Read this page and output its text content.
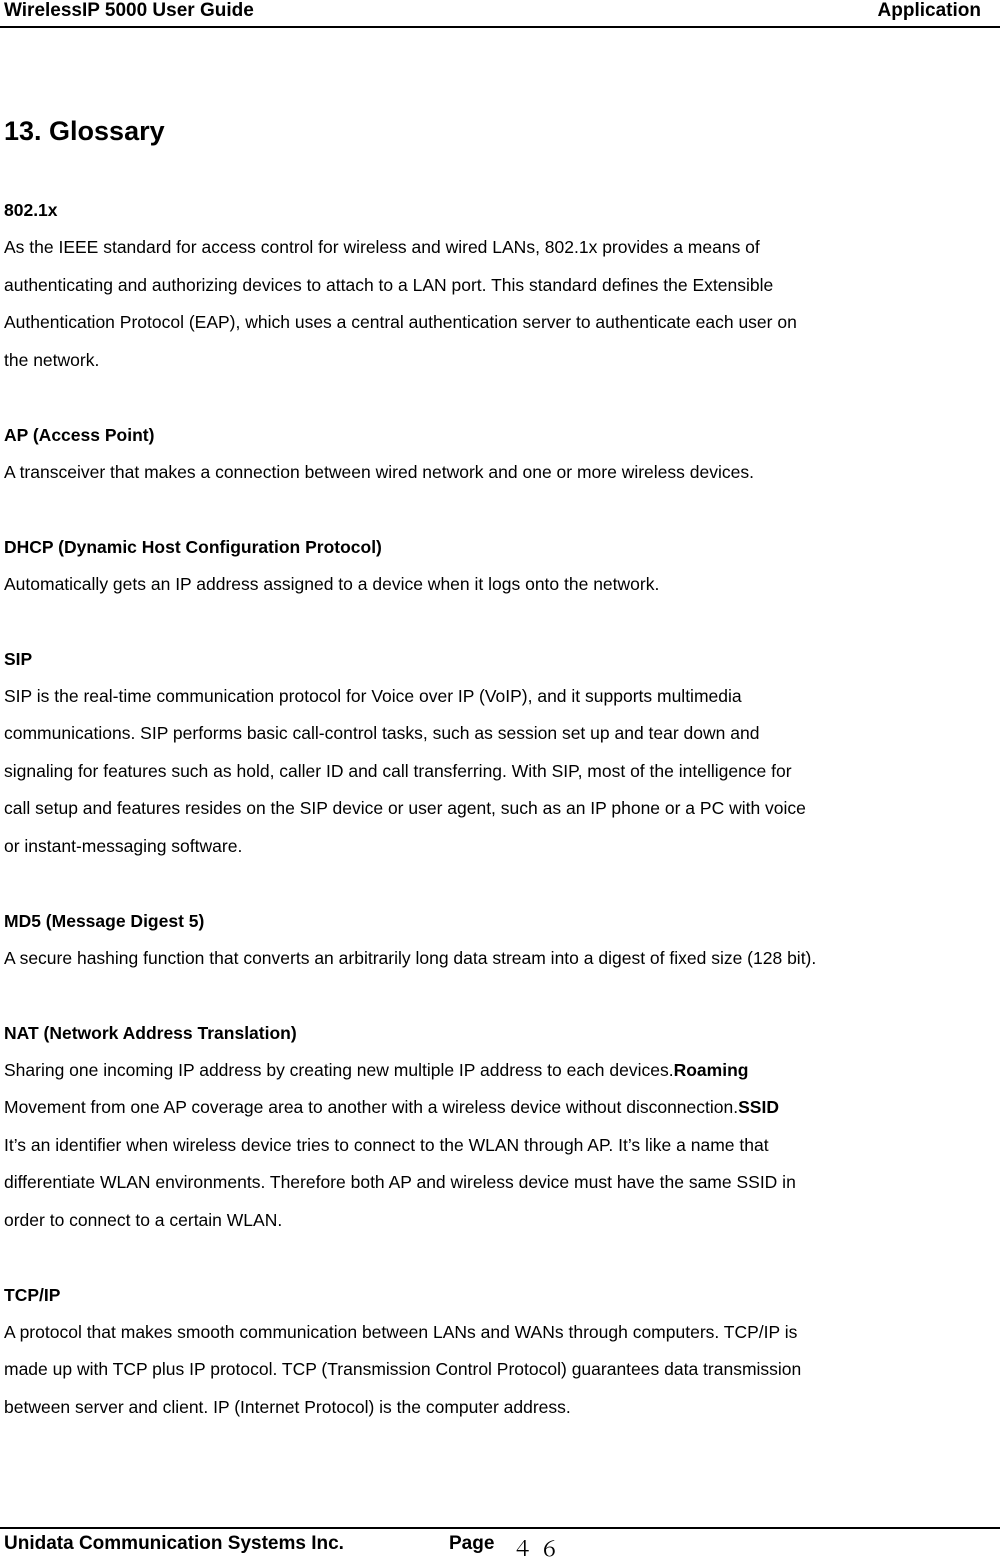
WirelessIP 5000 User Guide	Application
13. Glossary
802.1x
As the IEEE standard for access control for wireless and wired LANs, 802.1x provides a means of
authenticating and authorizing devices to attach to a LAN port. This standard defines the Extensible
Authentication Protocol (EAP), which uses a central authentication server to authenticate each user on
the network.
AP (Access Point)
A transceiver that makes a connection between wired network and one or more wireless devices.
DHCP (Dynamic Host Configuration Protocol)
Automatically gets an IP address assigned to a device when it logs onto the network.
SIP
SIP is the real-time communication protocol for Voice over IP (VoIP), and it supports multimedia
communications. SIP performs basic call-control tasks, such as session set up and tear down and
signaling for features such as hold, caller ID and call transferring. With SIP, most of the intelligence for
call setup and features resides on the SIP device or user agent, such as an IP phone or a PC with voice
or instant-messaging software.
MD5 (Message Digest 5)
A secure hashing function that converts an arbitrarily long data stream into a digest of fixed size (128 bit).
NAT (Network Address Translation)
Sharing one incoming IP address by creating new multiple IP address to each devices.Roaming
Movement from one AP coverage area to another with a wireless device without disconnection.SSID
It’s an identifier when wireless device tries to connect to the WLAN through AP. It’s like a name that
differentiate WLAN environments. Therefore both AP and wireless device must have the same SSID in
order to connect to a certain WLAN.
TCP/IP
A protocol that makes smooth communication between LANs and WANs through computers. TCP/IP is
made up with TCP plus IP protocol. TCP (Transmission Control Protocol) guarantees data transmission
between server and client. IP (Internet Protocol) is the computer address.
Unidata Communication Systems Inc.	Page ４６
